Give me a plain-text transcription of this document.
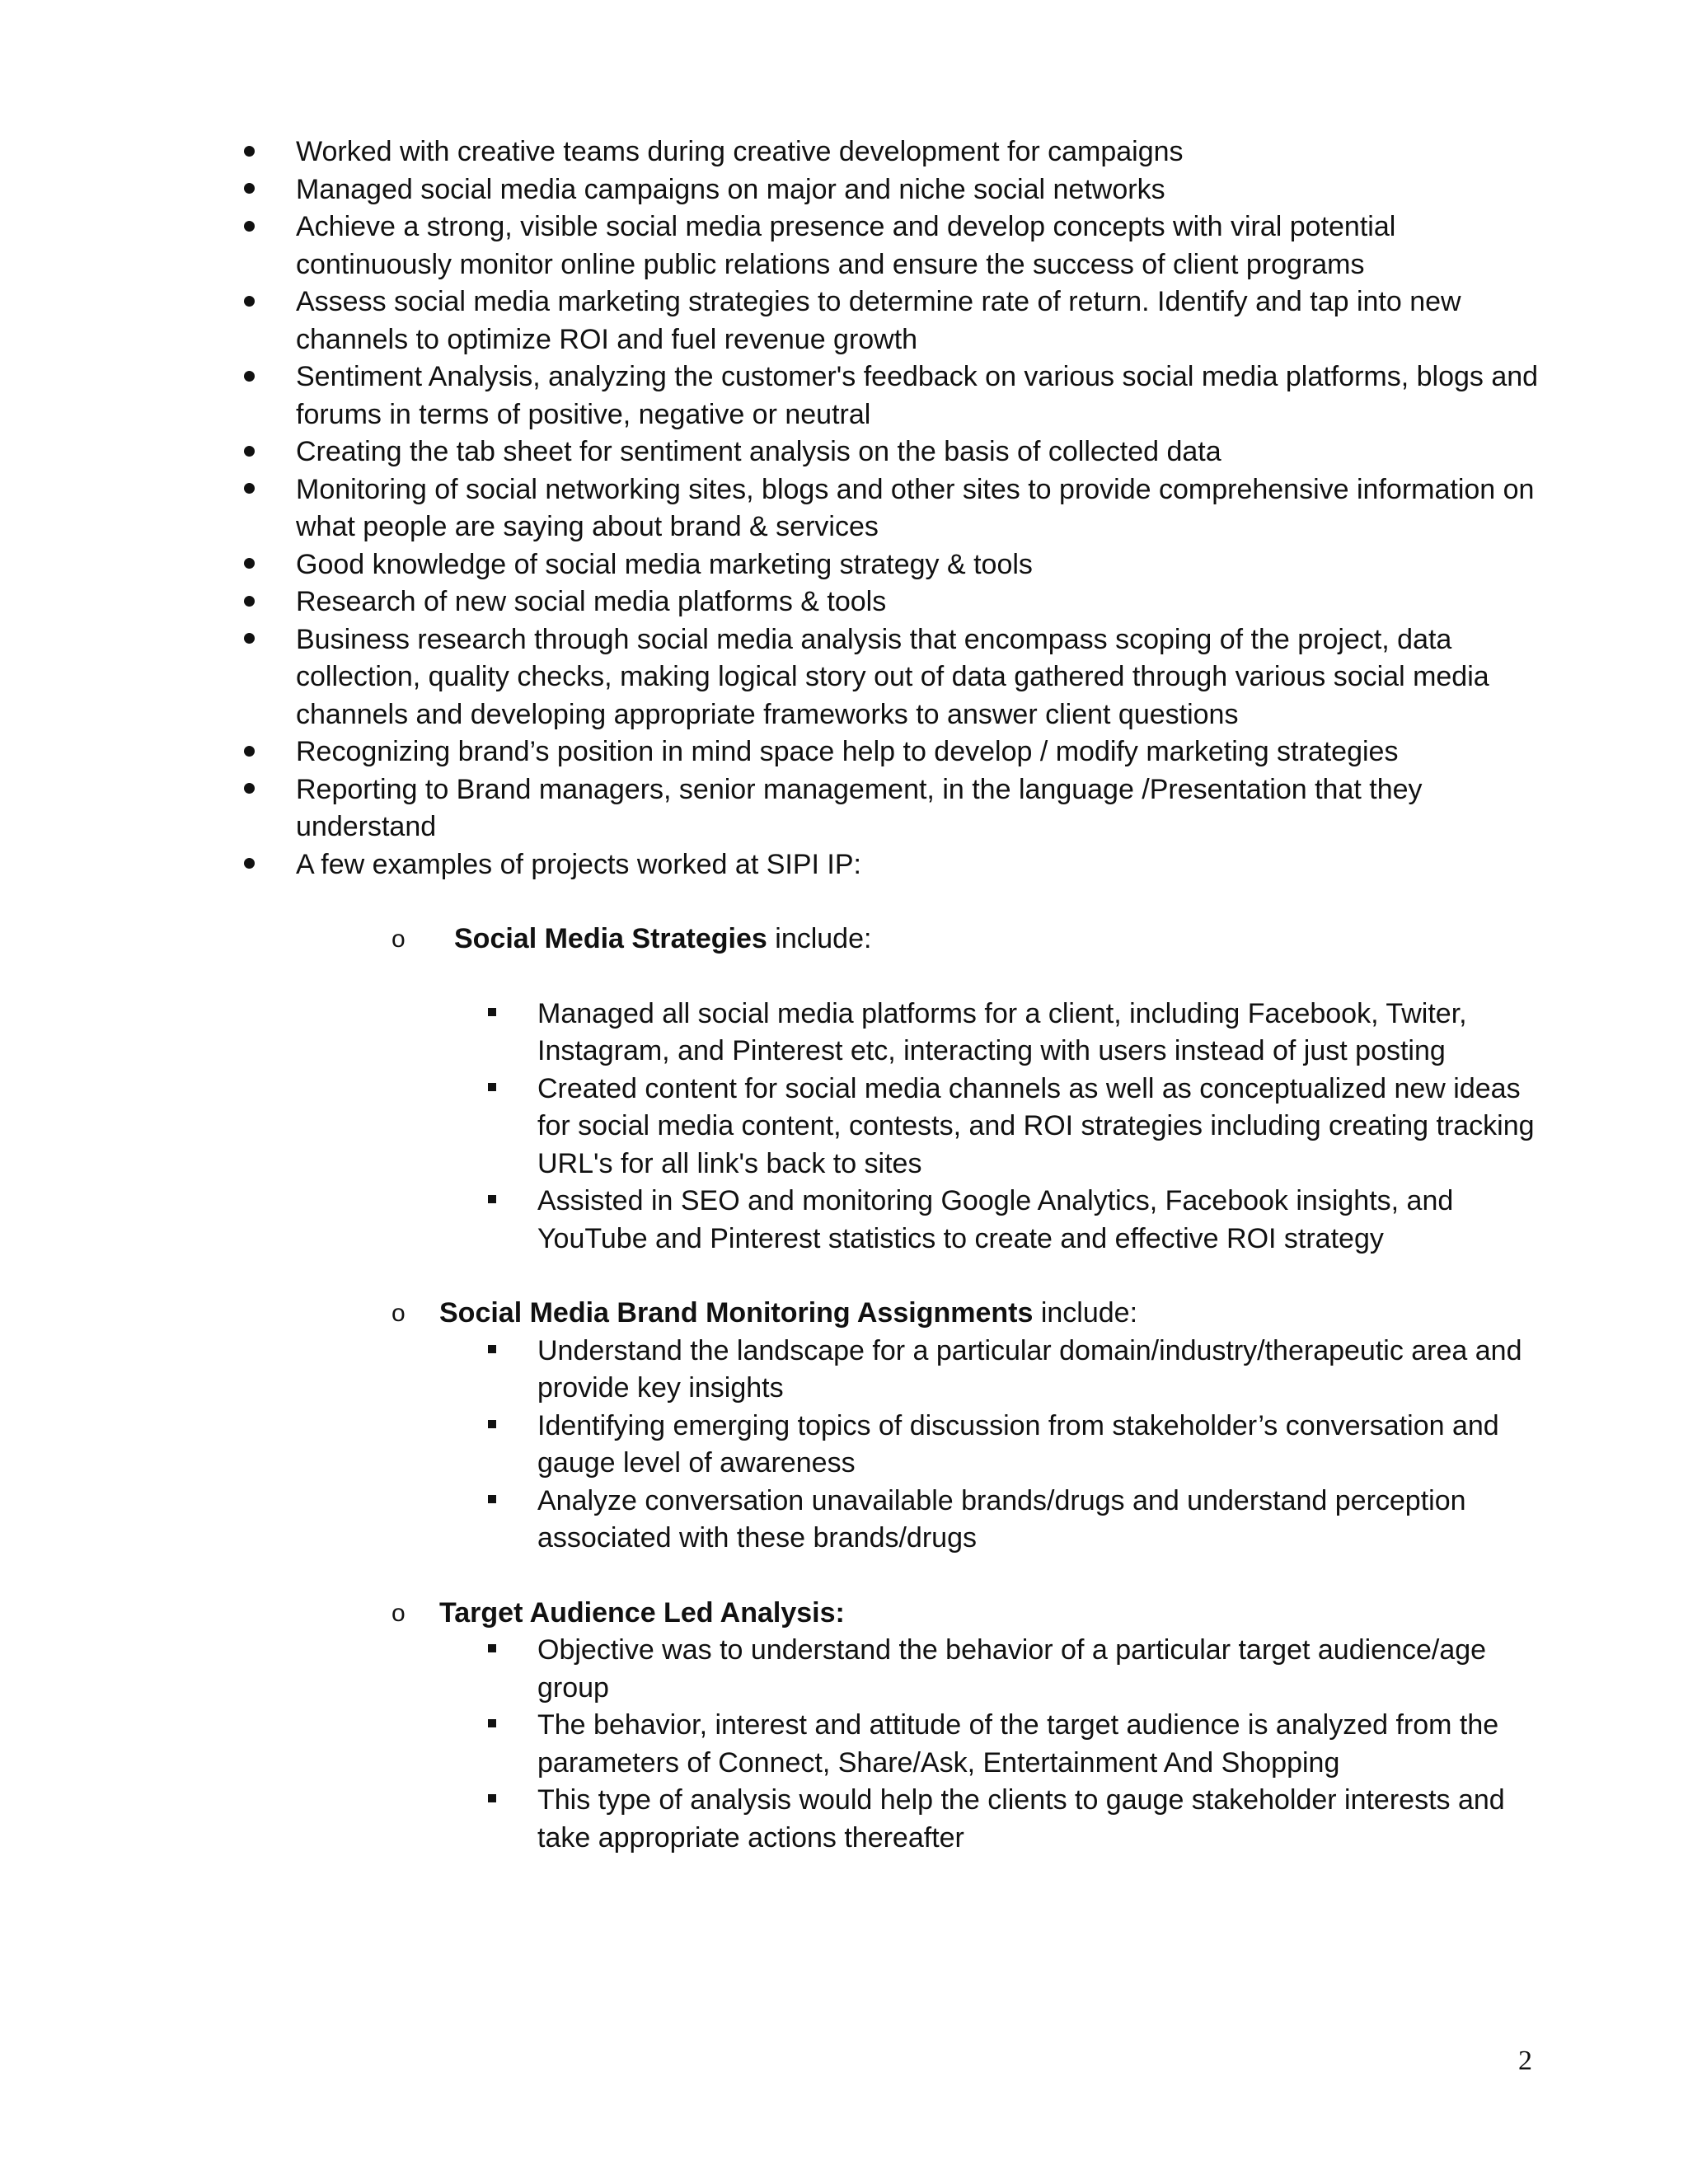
Worked with creative teams during creative development for campaigns
Managed social media campaigns on major and niche social networks
Achieve a strong, visible social media presence and develop concepts with viral potential continuously monitor online public relations and ensure the success of client programs
Assess social media marketing strategies to determine rate of return. Identify and tap into new channels to optimize ROI and fuel revenue growth
Sentiment Analysis, analyzing the customer's feedback on various social media platforms, blogs and forums in terms of positive, negative or neutral
Creating the tab sheet for sentiment analysis on the basis of collected data
Monitoring of social networking sites, blogs and other sites to provide comprehensive information on what people are saying about brand & services
Good knowledge of social media marketing strategy & tools
Research of new social media platforms & tools
Business research through social media analysis that encompass scoping of the project, data collection, quality checks, making logical story out of data gathered through various social media channels and developing appropriate frameworks to answer client questions
Recognizing brand’s position in mind space help to develop / modify marketing strategies
Reporting to Brand managers, senior management, in the language /Presentation that they understand
A few examples of projects worked at SIPI IP:
o Social Media Strategies include:
Managed all social media platforms for a client, including Facebook, Twiter, Instagram, and Pinterest etc, interacting with users instead of just posting
Created content for social media channels as well as conceptualized new ideas for social media content, contests, and ROI strategies including creating tracking URL's for all link's back to sites
Assisted in SEO and monitoring Google Analytics, Facebook insights, and YouTube and Pinterest statistics to create and effective ROI strategy
o Social Media Brand Monitoring Assignments include:
Understand the landscape for a particular domain/industry/therapeutic area and provide key insights
Identifying emerging topics of discussion from stakeholder’s conversation and gauge level of awareness
Analyze conversation unavailable brands/drugs and understand perception associated with these brands/drugs
o Target Audience Led Analysis:
Objective was to understand the behavior of a particular target audience/age group
The behavior, interest and attitude of the target audience is analyzed from the parameters of Connect, Share/Ask, Entertainment And Shopping
This type of analysis would help the clients to gauge stakeholder interests and take appropriate actions thereafter
2
